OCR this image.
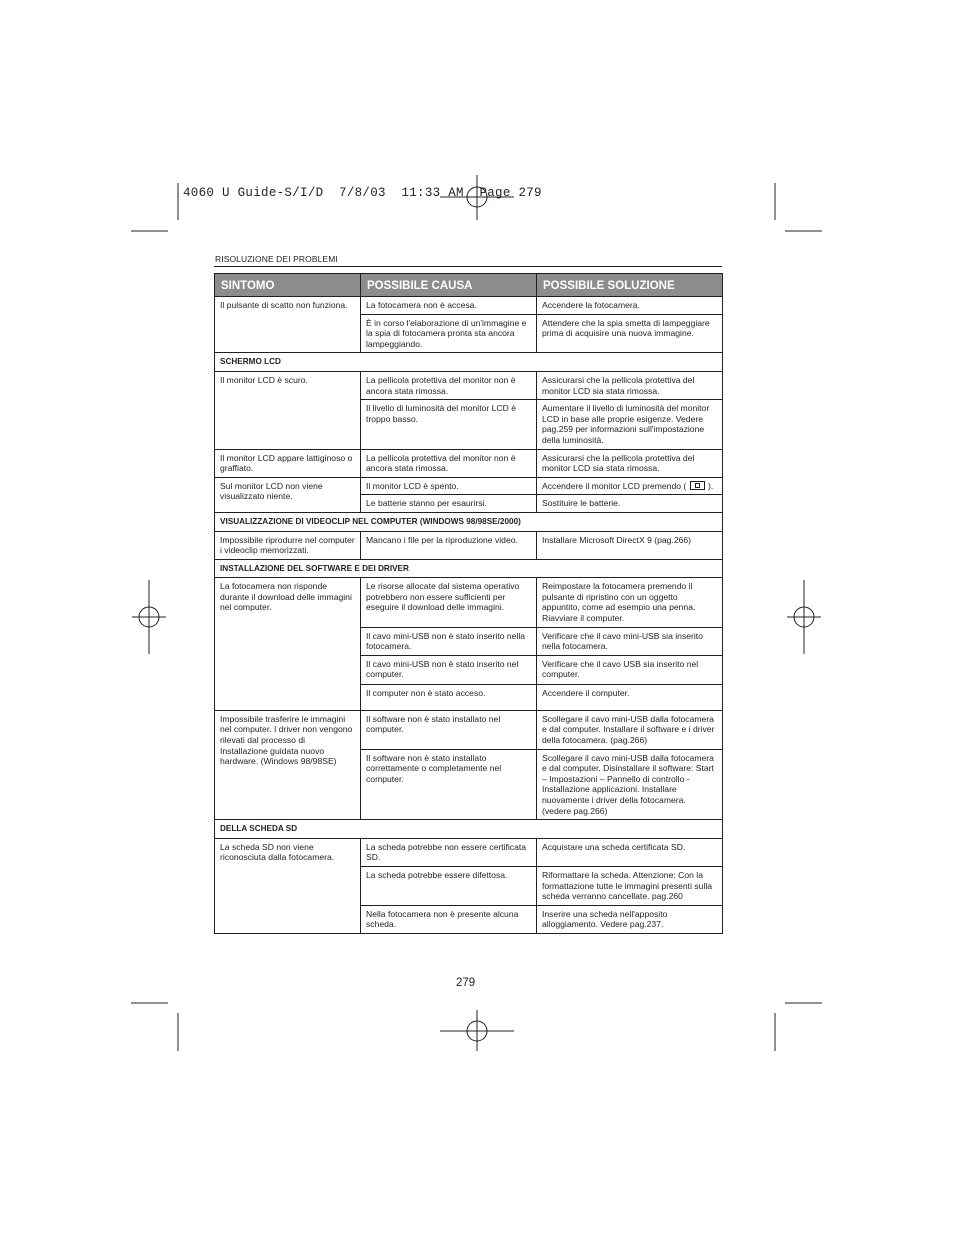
4060 U Guide-S/I/D  7/8/03  11:33 AM  Page 279
RISOLUZIONE DEI PROBLEMI
SINTOMO	POSSIBILE CAUSA	POSSIBILE SOLUZIONE
Il pulsante di scatto non funziona.	La fotocamera non è accesa.	Accendere la fotocamera.
	È in corso l'elaborazione di un'immagine e la spia di fotocamera pronta sta ancora lampeggiando.	Attendere che la spia smetta di lampeggiare prima di acquisire una nuova immagine.
SCHERMO LCD		
Il monitor LCD è scuro.	La pellicola protettiva del monitor non è ancora stata rimossa.	Assicurarsi che la pellicola protettiva del monitor LCD sia stata rimossa.
	Il livello di luminosità del monitor LCD è troppo basso.	Aumentare il livello di luminosità del monitor LCD in base alle proprie esigenze. Vedere pag.259 per informazioni sull'impostazione della luminosità.
Il monitor LCD appare lattiginoso o graffiato.	La pellicola protettiva del monitor non è ancora stata rimossa.	Assicurarsi che la pellicola protettiva del monitor LCD sia stata rimossa.
Sul monitor LCD non viene visualizzato niente.	Il monitor LCD è spento.	Accendere il monitor LCD premendo ( ).
	Le batterie stanno per esaurirsi.	Sostituire le batterie.
VISUALIZZAZIONE DI VIDEOCLIP NEL COMPUTER (WINDOWS 98/98SE/2000)		
Impossibile riprodurre nel computer i videoclip memorizzati.	Mancano i file per la riproduzione video.	Installare Microsoft DirectX 9 (pag.266)
INSTALLAZIONE DEL SOFTWARE E DEI DRIVER		
La fotocamera non risponde durante il download delle immagini nel computer.	Le risorse allocate dal sistema operativo potrebbero non essere sufficienti per eseguire il download delle immagini.	Reimpostare la fotocamera premendo il pulsante di ripristino con un oggetto appuntito, come ad esempio una penna. Riavviare il computer.
	Il cavo mini-USB non è stato inserito nella fotocamera.	Verificare che il cavo mini-USB sia inserito nella fotocamera.
	Il cavo mini-USB non è stato inserito nel computer.	Verificare che il cavo USB sia inserito nel computer.
	Il computer non è stato acceso.	Accendere il computer.
Impossibile trasferire le immagini nel computer. I driver non vengono rilevati dal processo di Installazione guidata nuovo hardware. (Windows 98/98SE)	Il software non è stato installato nel computer.	Scollegare il cavo mini-USB dalla fotocamera e dal computer. Installare il software e i driver della fotocamera. (pag.266)
	Il software non è stato installato correttamente o completamente nel computer.	Scollegare il cavo mini-USB dalla fotocamera e dal computer. Disinstallare il software: Start – Impostazioni – Pannello di controllo - Installazione applicazioni. Installare nuovamente i driver della fotocamera. (vedere pag.266)
DELLA SCHEDA SD		
La scheda SD non viene riconosciuta dalla fotocamera.	La scheda potrebbe non essere certificata SD.	Acquistare una scheda certificata SD.
	La scheda potrebbe essere difettosa.	Riformattare la scheda. Attenzione: Con la formattazione tutte le immagini presenti sulla scheda verranno cancellate. pag.260
	Nella fotocamera non è presente alcuna scheda.	Inserire una scheda nell'apposito alloggiamento. Vedere pag.237.
279
